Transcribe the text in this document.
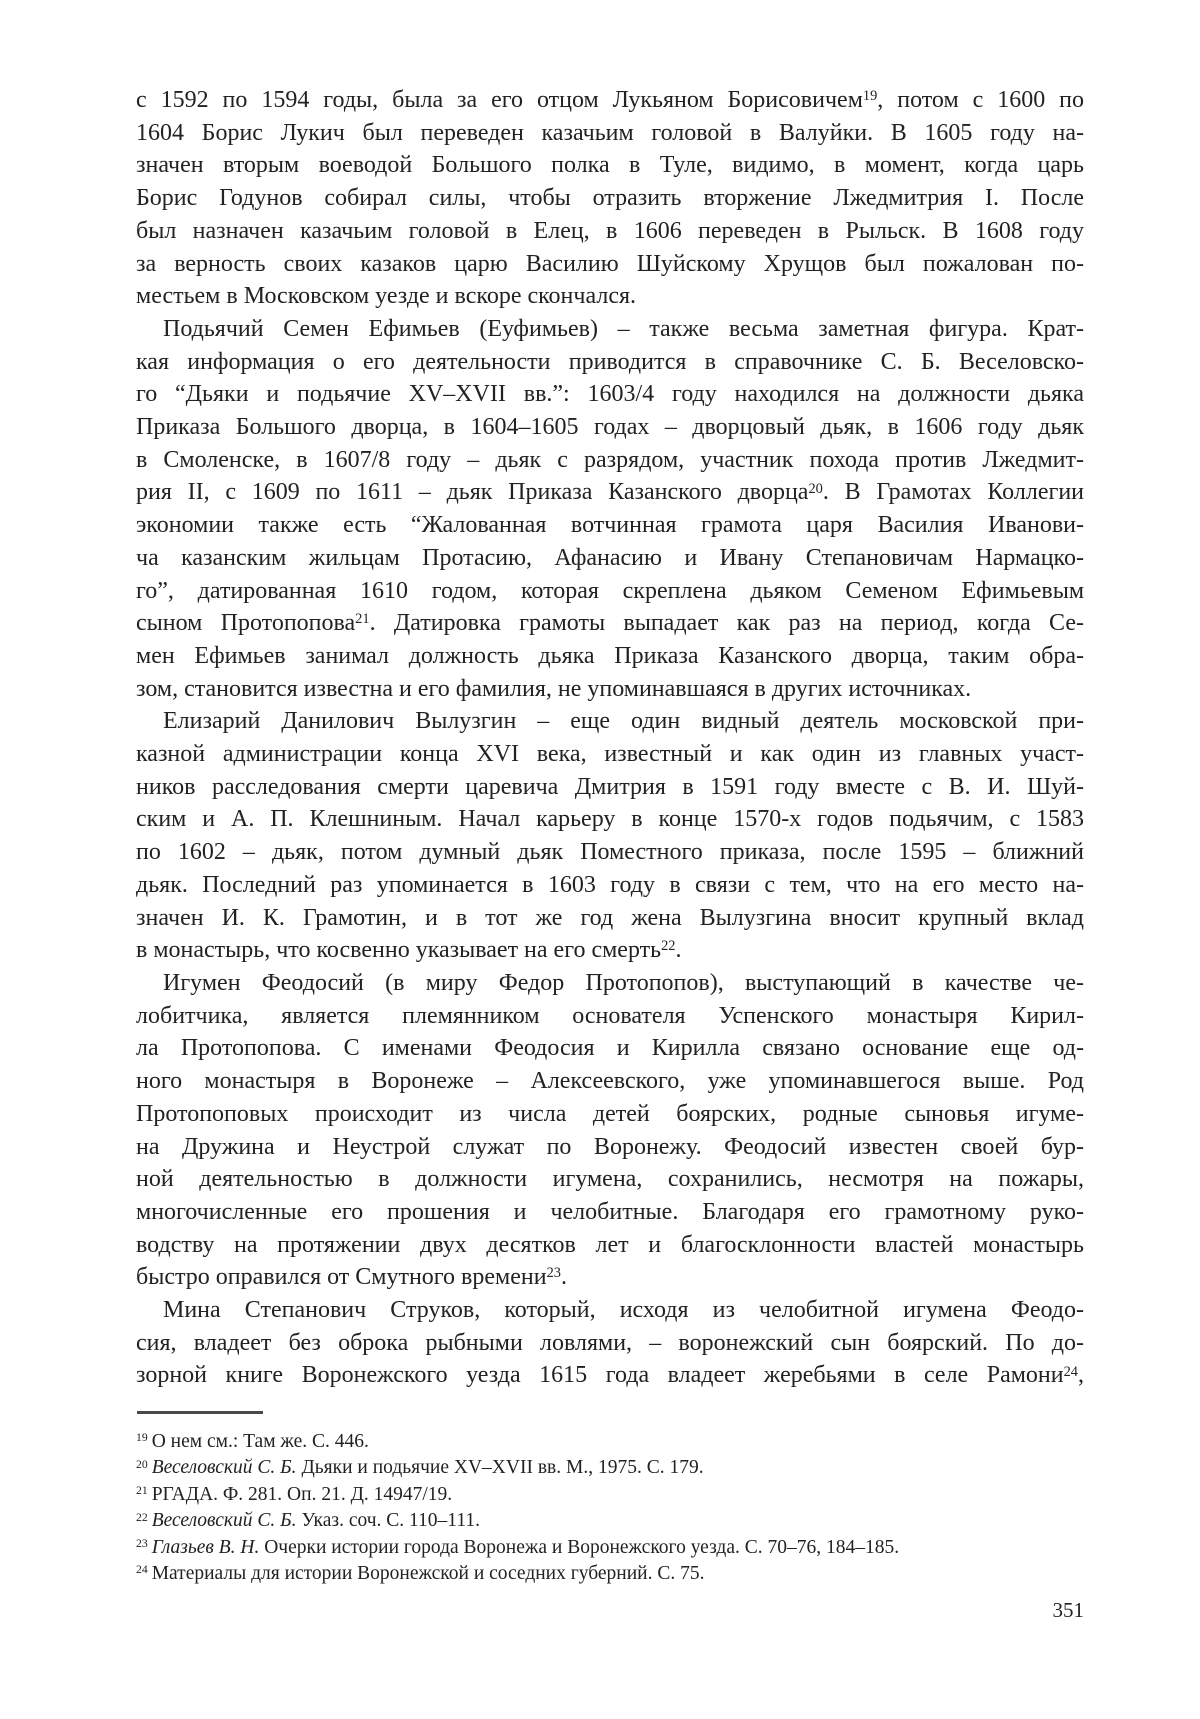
с 1592 по 1594 годы, была за его отцом Лукьяном Борисовичем$^{19}$, потом с 1600 по
1604 Борис Лукич был переведен казачьим головой в Валуйки. В 1605 году на-
значен вторым воеводой Большого полка в Туле, видимо, в момент, когда царь
Борис Годунов собирал силы, чтобы отразить вторжение Лжедмитрия I. После
был назначен казачьим головой в Елец, в 1606 переведен в Рыльск. В 1608 году
за верность своих казаков царю Василию Шуйскому Хрущов был пожалован по-
местьем в Московском уезде и вскоре скончался.
Подьячий Семен Ефимьев (Еуфимьев) – также весьма заметная фигура. Крат-
кая информация о его деятельности приводится в справочнике С. Б. Веселовско-
го “Дьяки и подьячие XV–XVII вв.”: 1603/4 году находился на должности дьяка
Приказа Большого дворца, в 1604–1605 годах – дворцовый дьяк, в 1606 году дьяк
в Смоленске, в 1607/8 году – дьяк с разрядом, участник похода против Лжедмит-
рия II, с 1609 по 1611 – дьяк Приказа Казанского дворца$^{20}$. В Грамотах Коллегии
экономии также есть “Жалованная вотчинная грамота царя Василия Иванови-
ча казанским жильцам Протасию, Афанасию и Ивану Степановичам Нармацко-
го”, датированная 1610 годом, которая скреплена дьяком Семеном Ефимьевым
сыном Протопопова$^{21}$. Датировка грамоты выпадает как раз на период, когда Се-
мен Ефимьев занимал должность дьяка Приказа Казанского дворца, таким обра-
зом, становится известна и его фамилия, не упоминавшаяся в других источниках.
Елизарий Данилович Вылузгин – еще один видный деятель московской при-
казной администрации конца XVI века, известный и как один из главных участ-
ников расследования смерти царевича Дмитрия в 1591 году вместе с В. И. Шуй-
ским и А. П. Клешниным. Начал карьеру в конце 1570-х годов подьячим, с 1583
по 1602 – дьяк, потом думный дьяк Поместного приказа, после 1595 – ближний
дьяк. Последний раз упоминается в 1603 году в связи с тем, что на его место на-
значен И. К. Грамотин, и в тот же год жена Вылузгина вносит крупный вклад
в монастырь, что косвенно указывает на его смерть$^{22}$.
Игумен Феодосий (в миру Федор Протопопов), выступающий в качестве че-
лобитчика, является племянником основателя Успенского монастыря Кирил-
ла Протопопова. С именами Феодосия и Кирилла связано основание еще од-
ного монастыря в Воронеже – Алексеевского, уже упоминавшегося выше. Род
Протопоповых происходит из числа детей боярских, родные сыновья игуме-
на Дружина и Неустрой служат по Воронежу. Феодосий известен своей бур-
ной деятельностью в должности игумена, сохранились, несмотря на пожары,
многочисленные его прошения и челобитные. Благодаря его грамотному руко-
водству на протяжении двух десятков лет и благосклонности властей монастырь
быстро оправился от Смутного времени$^{23}$.
Мина Степанович Струков, который, исходя из челобитной игумена Феодо-
сия, владеет без оброка рыбными ловлями, – воронежский сын боярский. По до-
зорной книге Воронежского уезда 1615 года владеет жеребьями в селе Рамони$^{24}$,
$^{19}$ О нем см.: Там же. С. 446.
$^{20}$ Веселовский С. Б. Дьяки и подьячие XV–XVII вв. М., 1975. С. 179.
$^{21}$ РГАДА. Ф. 281. Оп. 21. Д. 14947/19.
$^{22}$ Веселовский С. Б. Указ. соч. С. 110–111.
$^{23}$ Глазьев В. Н. Очерки истории города Воронежа и Воронежского уезда. С. 70–76, 184–185.
$^{24}$ Материалы для истории Воронежской и соседних губерний. С. 75.
351
